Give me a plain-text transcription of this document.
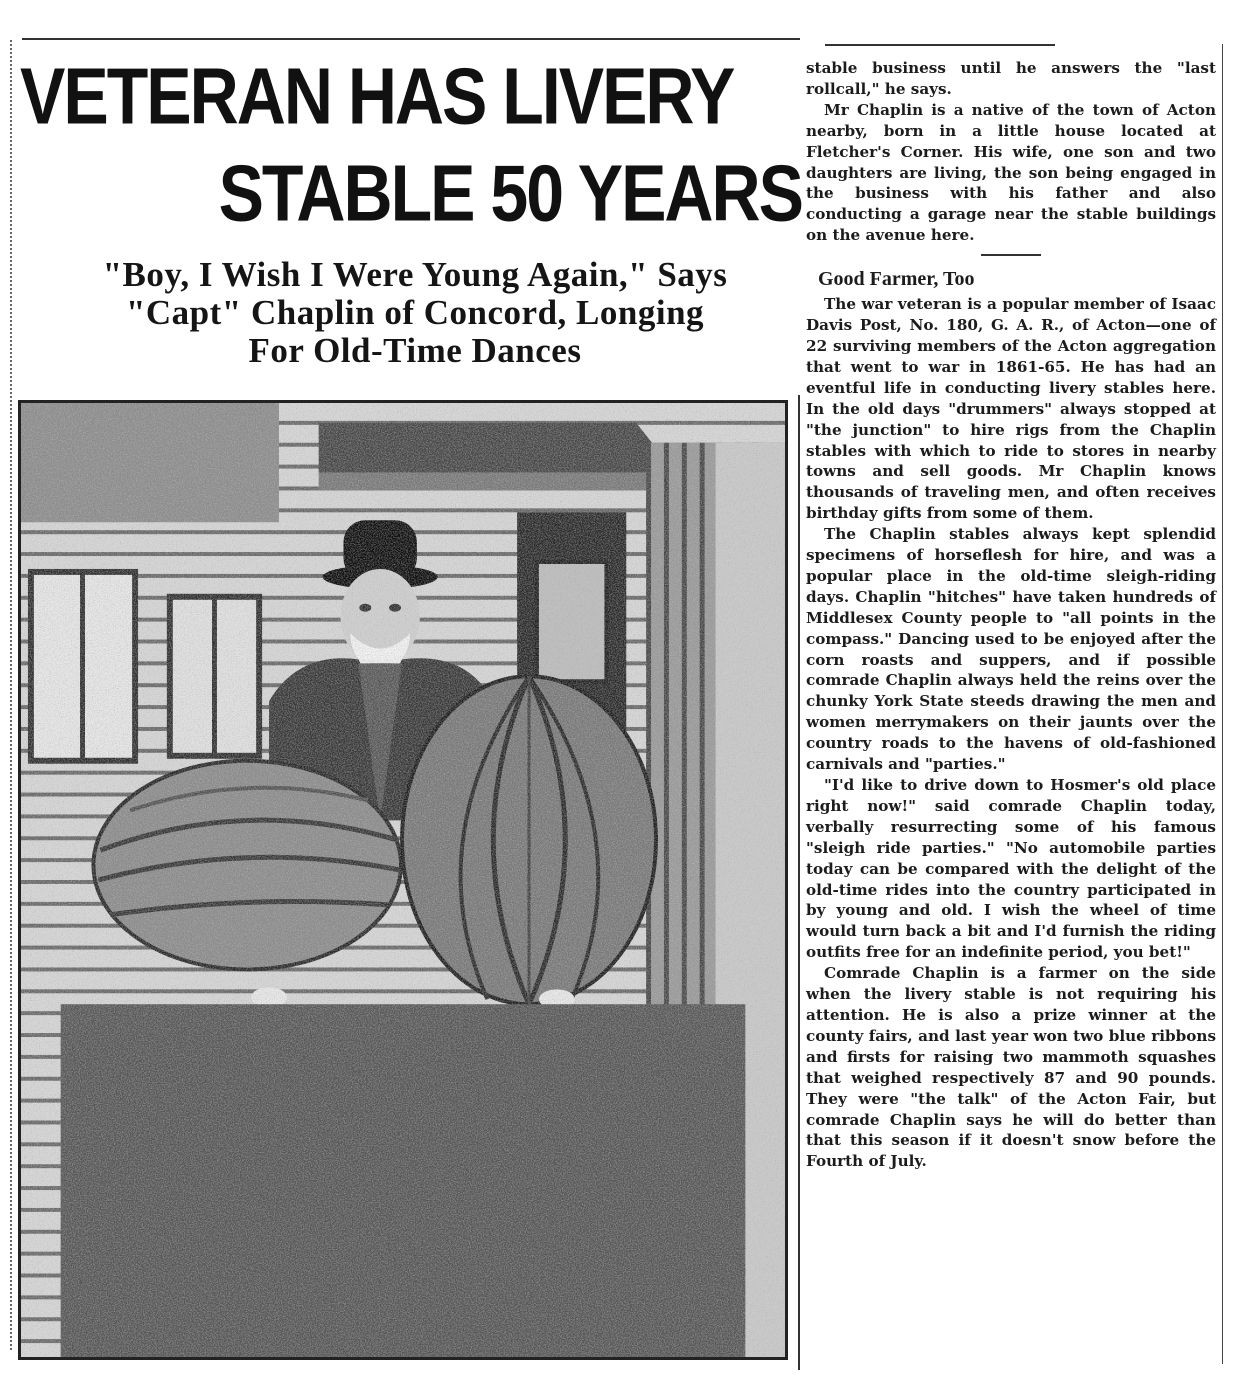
VETERAN HAS LIVERY
STABLE 50 YEARS
"Boy, I Wish I Were Young Again," Says
"Capt" Chaplin of Concord, Longing
For Old-Time Dances

stable business until he answers the "last rollcall," he says.

Mr Chaplin is a native of the town of Acton nearby, born in a little house located at Fletcher's Corner. His wife, one son and two daughters are living, the son being engaged in the business with his father and also conducting a garage near the stable buildings on the avenue here.

Good Farmer, Too

The war veteran is a popular member of Isaac Davis Post, No. 180, G. A. R., of Acton—one of 22 surviving members of the Acton aggregation that went to war in 1861-65. He has had an eventful life in conducting livery stables here. In the old days "drummers" always stopped at "the junction" to hire rigs from the Chaplin stables with which to ride to stores in nearby towns and sell goods. Mr Chaplin knows thousands of traveling men, and often receives birthday gifts from some of them.

The Chaplin stables always kept splendid specimens of horseflesh for hire, and was a popular place in the old-time sleigh-riding days. Chaplin "hitches" have taken hundreds of Middlesex County people to "all points in the compass." Dancing used to be enjoyed after the corn roasts and suppers, and if possible comrade Chaplin always held the reins over the chunky York State steeds drawing the men and women merrymakers on their jaunts over the country roads to the havens of old-fashioned carnivals and "parties."

"I'd like to drive down to Hosmer's old place right now!" said comrade Chaplin today, verbally resurrecting some of his famous "sleigh ride parties." "No automobile parties today can be compared with the delight of the old-time rides into the country participated in by young and old. I wish the wheel of time would turn back a bit and I'd furnish the riding outfits free for an indefinite period, you bet!"

Comrade Chaplin is a farmer on the side when the livery stable is not requiring his attention. He is also a prize winner at the county fairs, and last year won two blue ribbons and firsts for raising two mammoth squashes that weighed respectively 87 and 90 pounds. They were "the talk" of the Acton Fair, but comrade Chaplin says he will do better than that this season if it doesn't snow before the Fourth of July.
